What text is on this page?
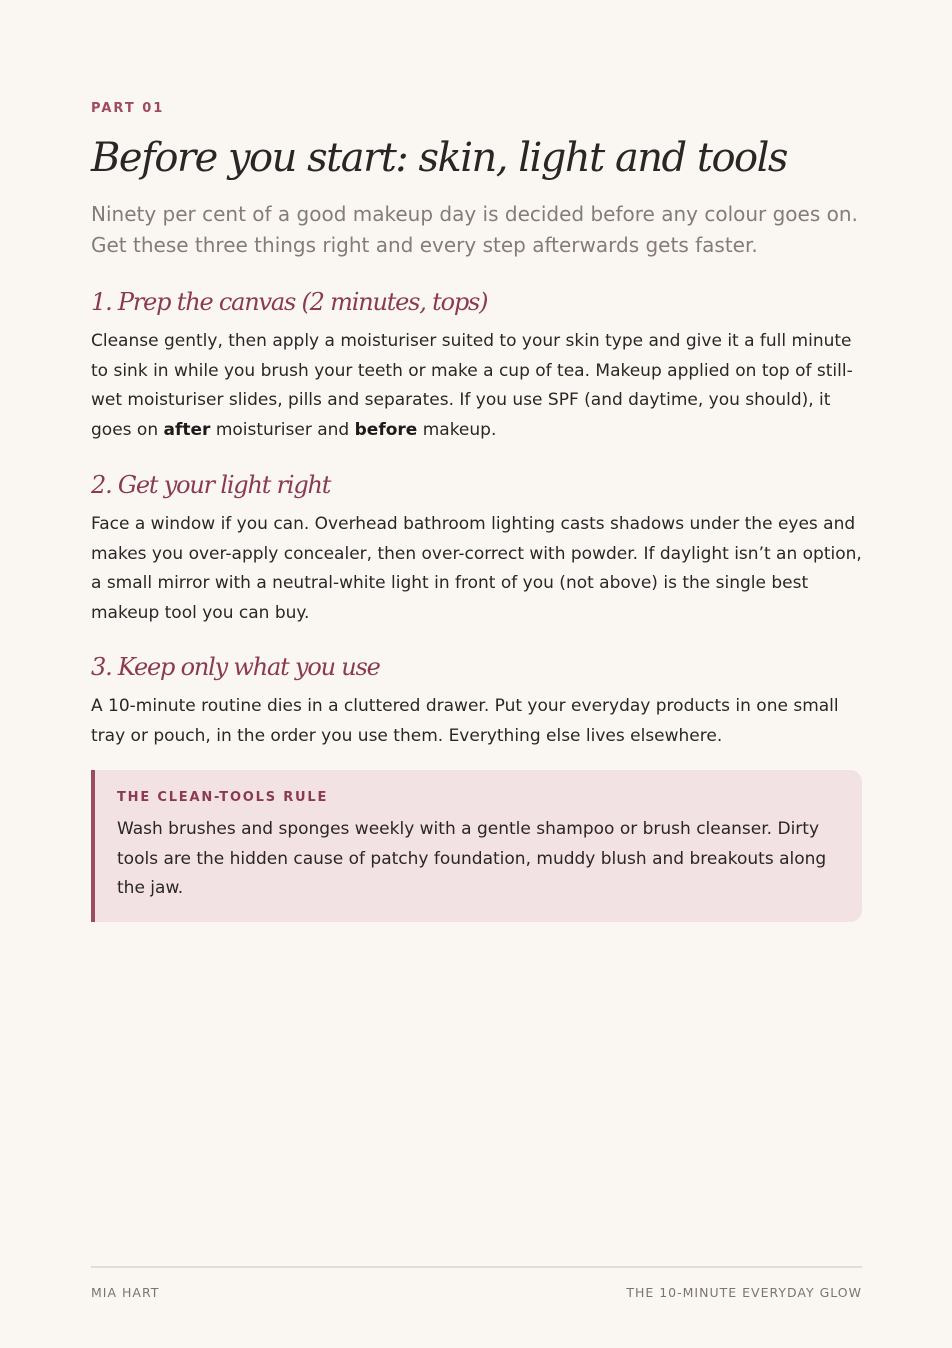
PART 01
Before you start: skin, light and tools

Ninety per cent of a good makeup day is decided before any colour goes on. Get these three things right and every step afterwards gets faster.

1. Prep the canvas (2 minutes, tops)

Cleanse gently, then apply a moisturiser suited to your skin type and give it a full minute to sink in while you brush your teeth or make a cup of tea. Makeup applied on top of still-wet moisturiser slides, pills and separates. If you use SPF (and daytime, you should), it goes on after moisturiser and before makeup.

2. Get your light right

Face a window if you can. Overhead bathroom lighting casts shadows under the eyes and makes you over-apply concealer, then over-correct with powder. If daylight isn’t an option, a small mirror with a neutral-white light in front of you (not above) is the single best makeup tool you can buy.

3. Keep only what you use

A 10-minute routine dies in a cluttered drawer. Put your everyday products in one small tray or pouch, in the order you use them. Everything else lives elsewhere.

THE CLEAN-TOOLS RULE

Wash brushes and sponges weekly with a gentle shampoo or brush cleanser. Dirty tools are the hidden cause of patchy foundation, muddy blush and breakouts along the jaw.

MIA HART	THE 10-MINUTE EVERYDAY GLOW
